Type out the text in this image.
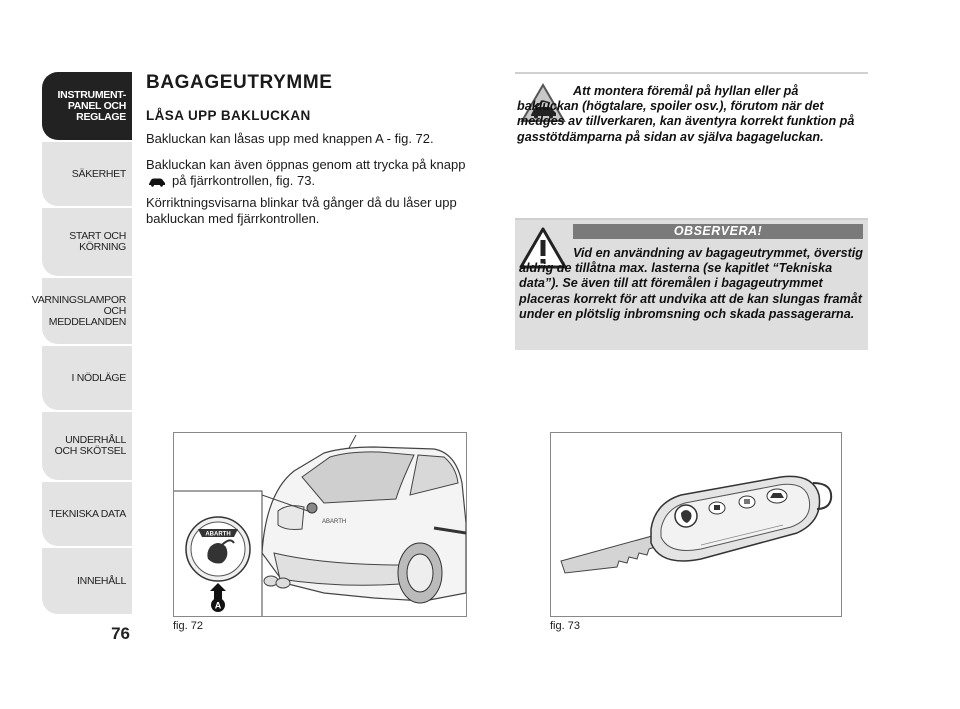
INSTRUMENT-
PANEL OCH
REGLAGE
SÄKERHET
START OCH
KÖRNING
VARNINGSLAMPOR
OCH
MEDDELANDEN
I NÖDLÄGE
UNDERHÅLL
OCH SKÖTSEL
TEKNISKA DATA
INNEHÅLL
76
BAGAGEUTRYMME
LÅSA UPP BAKLUCKAN
Bakluckan kan låsas upp med knappen A - fig. 72.
Bakluckan kan även öppnas genom att trycka på knapp
på fjärrkontrollen, fig. 73.
Körriktningsvisarna blinkar två gånger då du låser upp bakluckan med fjärrkontrollen.
Att montera föremål på hyllan eller på bakluckan (högtalare, spoiler osv.), förutom när det medges av tillverkaren, kan äventyra korrekt funktion på gasstötdämparna på sidan av själva bagageluckan.
OBSERVERA!
Vid en användning av bagageutrymmet, överstig aldrig de tillåtna max. lasterna (se kapitlet “Tekniska data”). Se även till att föremålen i bagageutrymmet placeras korrekt för att undvika att de kan slungas framåt under en plötslig inbromsning och skada passagerarna.
ABARTH
ABARTH
A
fig. 72	fig. 73
